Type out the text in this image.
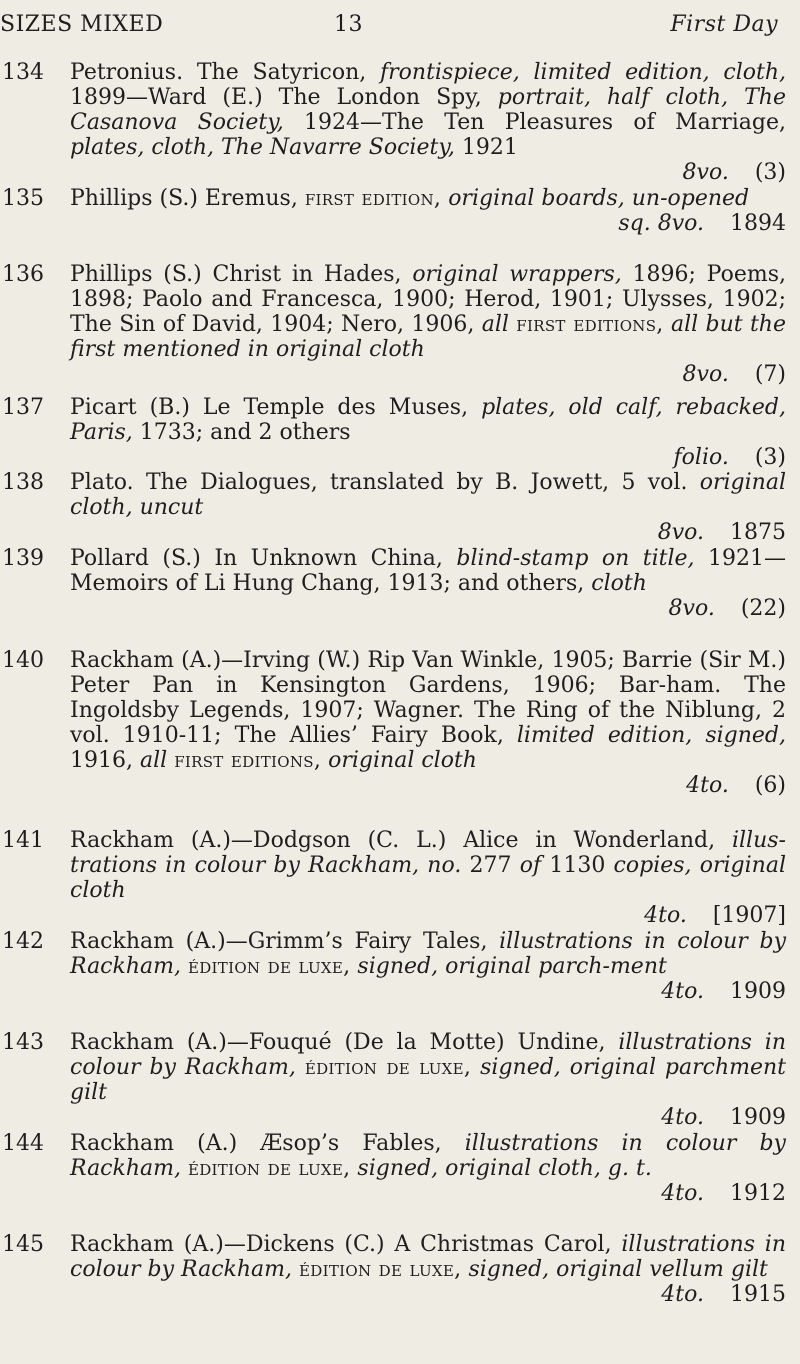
SIZES MIXED	13	First Day
134	Petronius. The Satyricon, frontispiece, limited edition, cloth, 1899—Ward (E.) The London Spy, portrait, half cloth, The Casanova Society, 1924—The Ten Pleasures of Marriage, plates, cloth, The Navarre Society, 1921
8vo. (3)
135	Phillips (S.) Eremus, first edition, original boards, un-opened
sq. 8vo. 1894
136	Phillips (S.) Christ in Hades, original wrappers, 1896; Poems, 1898; Paolo and Francesca, 1900; Herod, 1901; Ulysses, 1902; The Sin of David, 1904; Nero, 1906, all first editions, all but the first mentioned in original cloth
8vo. (7)
137	Picart (B.) Le Temple des Muses, plates, old calf, rebacked, Paris, 1733; and 2 others
folio. (3)
138	Plato. The Dialogues, translated by B. Jowett, 5 vol. original cloth, uncut
8vo. 1875
139	Pollard (S.) In Unknown China, blind-stamp on title, 1921—Memoirs of Li Hung Chang, 1913; and others, cloth
8vo. (22)
140	Rackham (A.)—Irving (W.) Rip Van Winkle, 1905; Barrie (Sir M.) Peter Pan in Kensington Gardens, 1906; Bar-ham. The Ingoldsby Legends, 1907; Wagner. The Ring of the Niblung, 2 vol. 1910-11; The Allies’ Fairy Book, limited edition, signed, 1916, all first editions, original cloth
4to. (6)
141	Rackham (A.)—Dodgson (C. L.) Alice in Wonderland, illus-trations in colour by Rackham, no. 277 of 1130 copies, original cloth
4to. [1907]
142	Rackham (A.)—Grimm’s Fairy Tales, illustrations in colour by Rackham, édition de luxe, signed, original parch-ment
4to. 1909
143	Rackham (A.)—Fouqué (De la Motte) Undine, illustrations in colour by Rackham, édition de luxe, signed, original parchment gilt
4to. 1909
144	Rackham (A.) Æsop’s Fables, illustrations in colour by Rackham, édition de luxe, signed, original cloth, g. t.
4to. 1912
145	Rackham (A.)—Dickens (C.) A Christmas Carol, illustrations in colour by Rackham, édition de luxe, signed, original vellum gilt
4to. 1915
